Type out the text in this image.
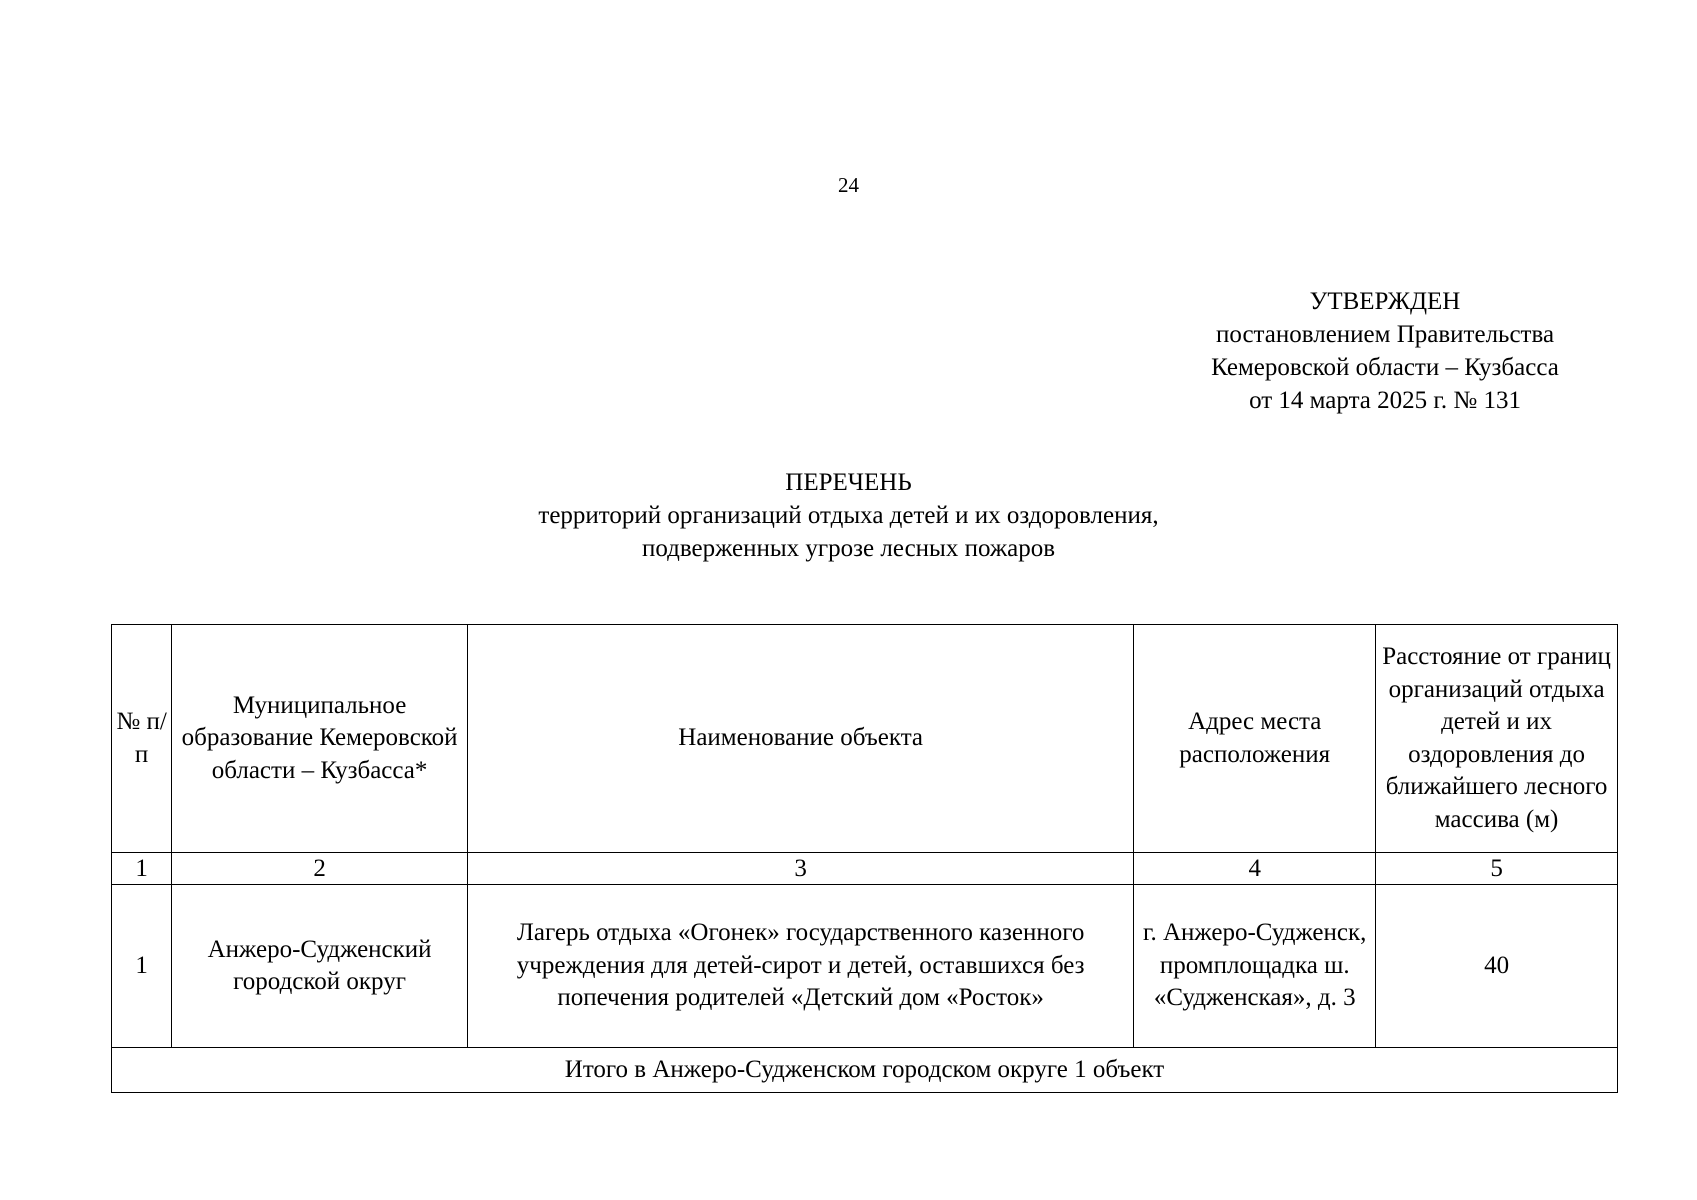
24
УТВЕРЖДЕН
постановлением Правительства
Кемеровской области – Кузбасса
от 14 марта 2025 г. № 131
ПЕРЕЧЕНЬ
территорий организаций отдыха детей и их оздоровления,
подверженных угрозе лесных пожаров
№ п/п	Муниципальное образование Кемеровской области – Кузбасса*	Наименование объекта	Адрес места расположения	Расстояние от границ организаций отдыха детей и их оздоровления до ближайшего лесного массива (м)

1	2	3	4	5
1	Анжеро-Судженский городской округ	Лагерь отдыха «Огонек» государственного казенного учреждения для детей-сирот и детей, оставшихся без попечения родителей «Детский дом «Росток»	г. Анжеро-Судженск, промплощадка ш. «Судженская», д. 3	40
Итого в Анжеро-Судженском городском округе 1 объект				
